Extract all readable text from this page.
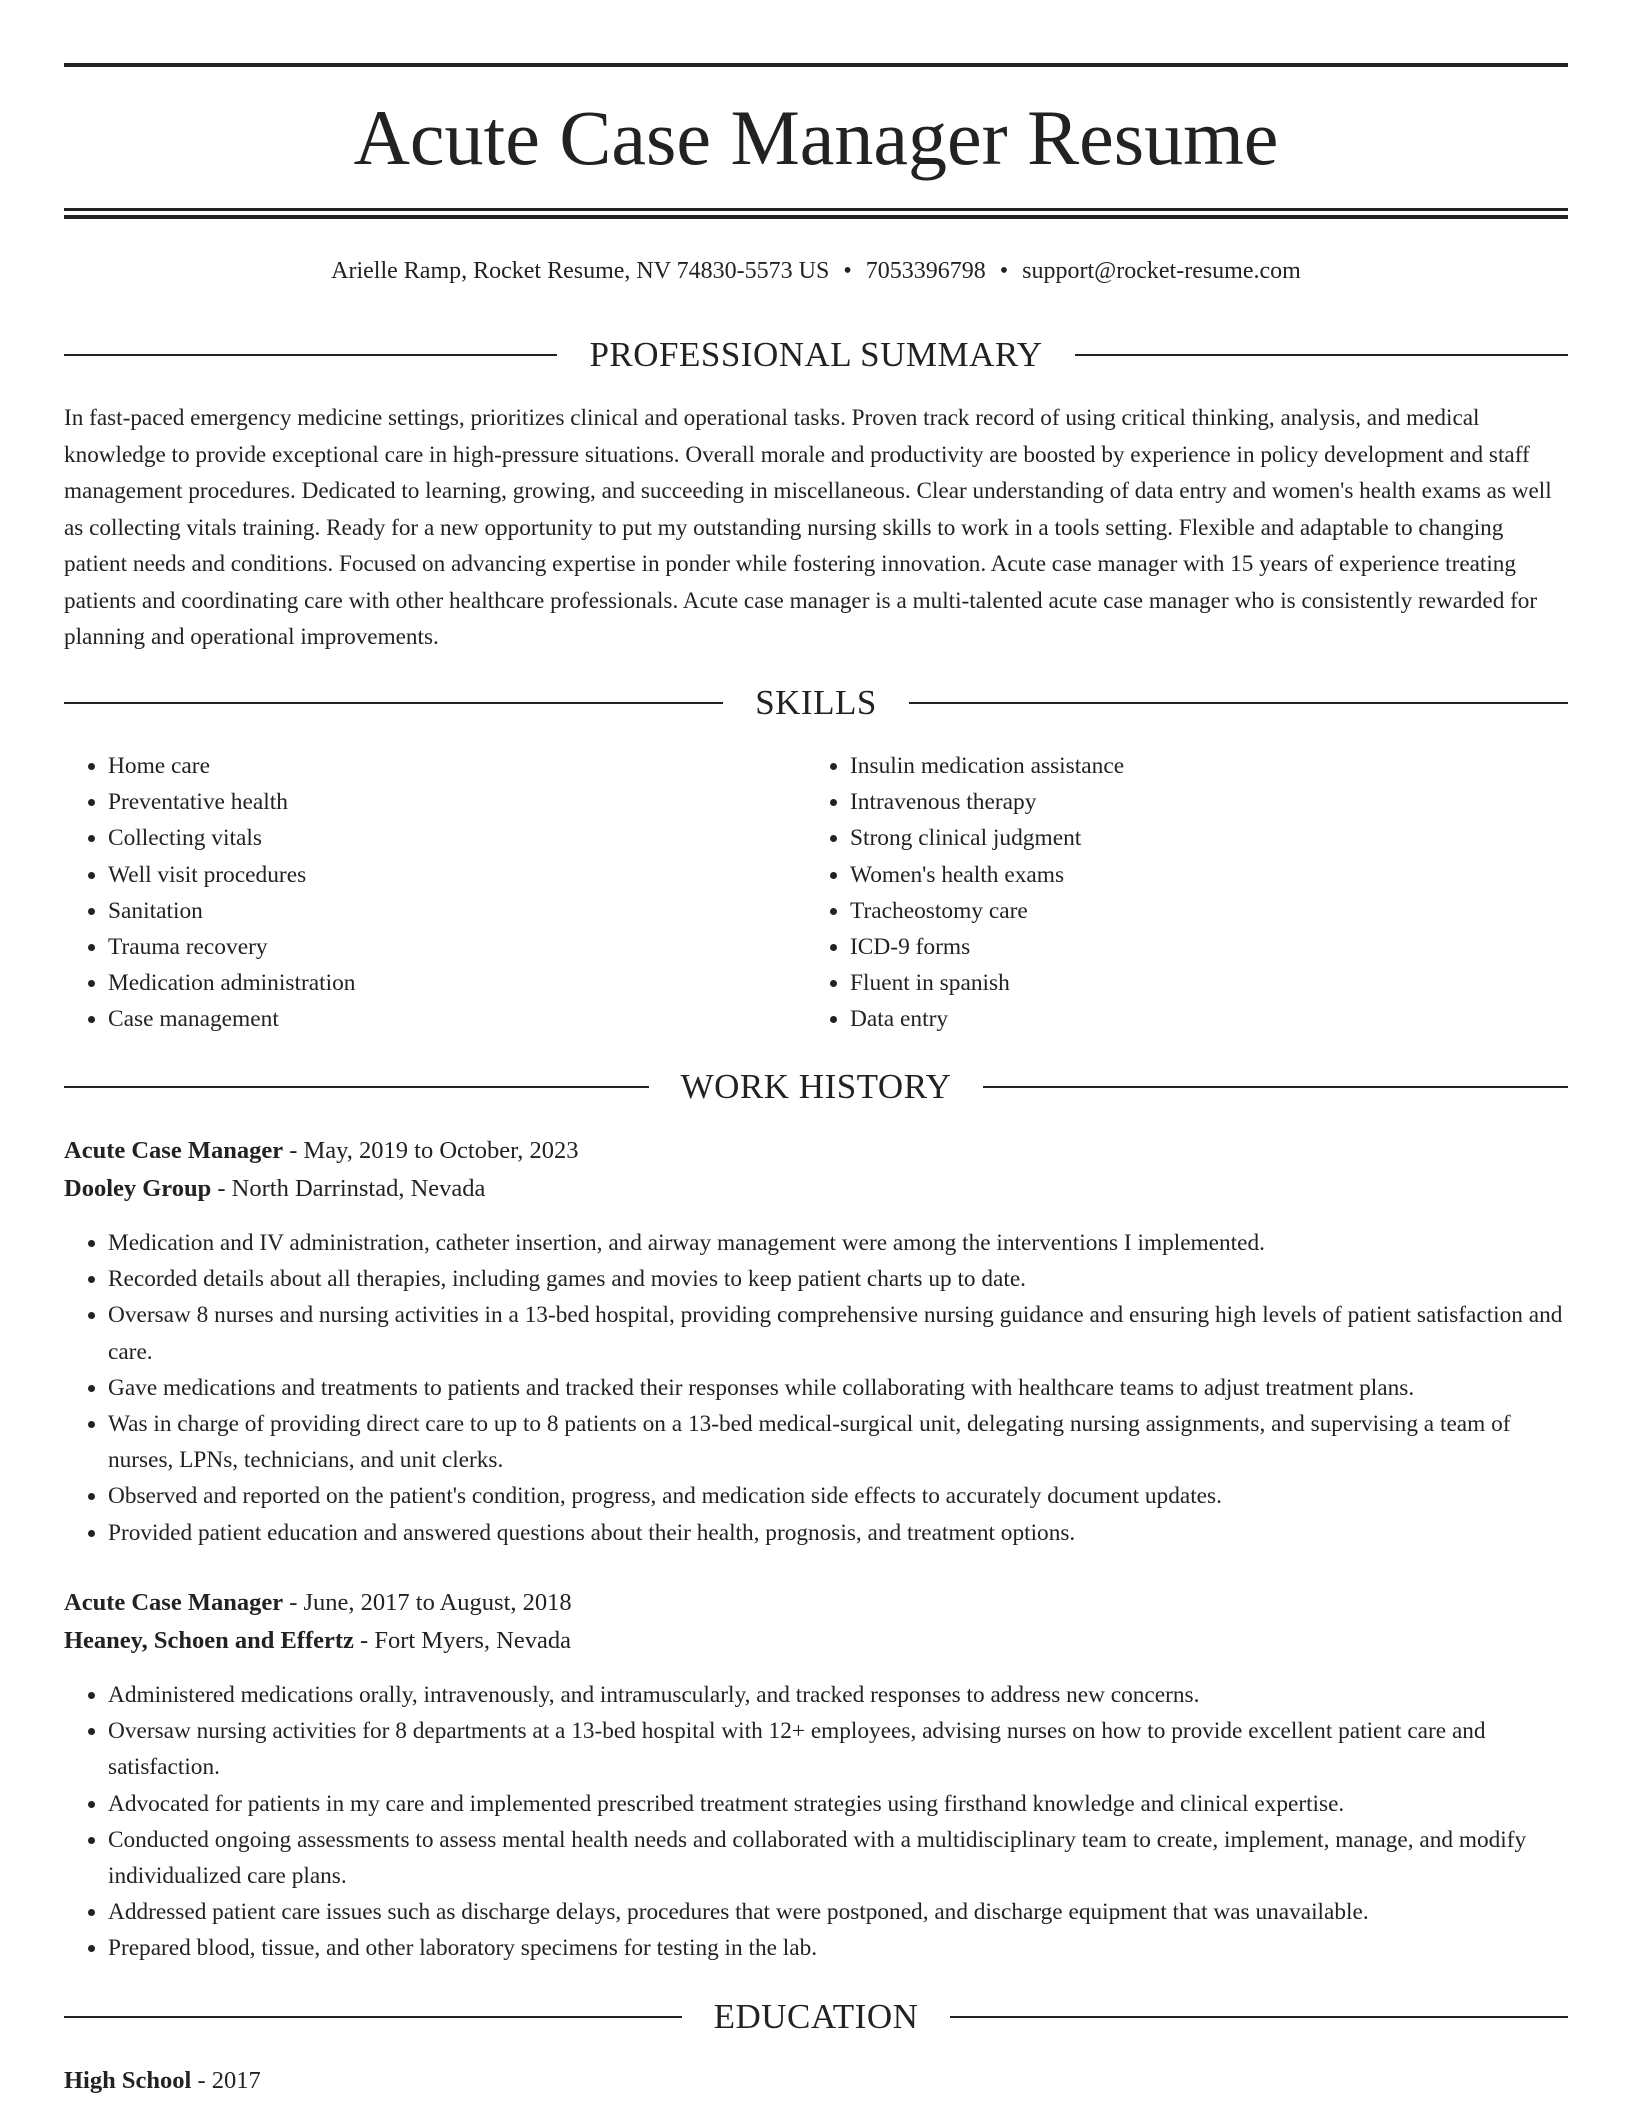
Acute Case Manager Resume
Arielle Ramp, Rocket Resume, NV 74830-5573 US • 7053396798 • support@rocket-resume.com
PROFESSIONAL SUMMARY

In fast-paced emergency medicine settings, prioritizes clinical and operational tasks. Proven track record of using critical thinking, analysis, and medical knowledge to provide exceptional care in high-pressure situations. Overall morale and productivity are boosted by experience in policy development and staff management procedures. Dedicated to learning, growing, and succeeding in miscellaneous. Clear understanding of data entry and women's health exams as well as collecting vitals training. Ready for a new opportunity to put my outstanding nursing skills to work in a tools setting. Flexible and adaptable to changing patient needs and conditions. Focused on advancing expertise in ponder while fostering innovation. Acute case manager with 15 years of experience treating patients and coordinating care with other healthcare professionals. Acute case manager is a multi-talented acute case manager who is consistently rewarded for planning and operational improvements.

SKILLS
• Home care
• Preventative health
• Collecting vitals
• Well visit procedures
• Sanitation
• Trauma recovery
• Medication administration
• Case management
• Insulin medication assistance
• Intravenous therapy
• Strong clinical judgment
• Women's health exams
• Tracheostomy care
• ICD-9 forms
• Fluent in spanish
• Data entry
WORK HISTORY
Acute Case Manager - May, 2019 to October, 2023
Dooley Group - North Darrinstad, Nevada
• Medication and IV administration, catheter insertion, and airway management were among the interventions I implemented.
• Recorded details about all therapies, including games and movies to keep patient charts up to date.
• Oversaw 8 nurses and nursing activities in a 13-bed hospital, providing comprehensive nursing guidance and ensuring high levels of patient satisfaction and care.
• Gave medications and treatments to patients and tracked their responses while collaborating with healthcare teams to adjust treatment plans.
• Was in charge of providing direct care to up to 8 patients on a 13-bed medical-surgical unit, delegating nursing assignments, and supervising a team of nurses, LPNs, technicians, and unit clerks.
• Observed and reported on the patient's condition, progress, and medication side effects to accurately document updates.
• Provided patient education and answered questions about their health, prognosis, and treatment options.
Acute Case Manager - June, 2017 to August, 2018
Heaney, Schoen and Effertz - Fort Myers, Nevada
• Administered medications orally, intravenously, and intramuscularly, and tracked responses to address new concerns.
• Oversaw nursing activities for 8 departments at a 13-bed hospital with 12+ employees, advising nurses on how to provide excellent patient care and satisfaction.
• Advocated for patients in my care and implemented prescribed treatment strategies using firsthand knowledge and clinical expertise.
• Conducted ongoing assessments to assess mental health needs and collaborated with a multidisciplinary team to create, implement, manage, and modify individualized care plans.
• Addressed patient care issues such as discharge delays, procedures that were postponed, and discharge equipment that was unavailable.
• Prepared blood, tissue, and other laboratory specimens for testing in the lab.
EDUCATION
High School - 2017
